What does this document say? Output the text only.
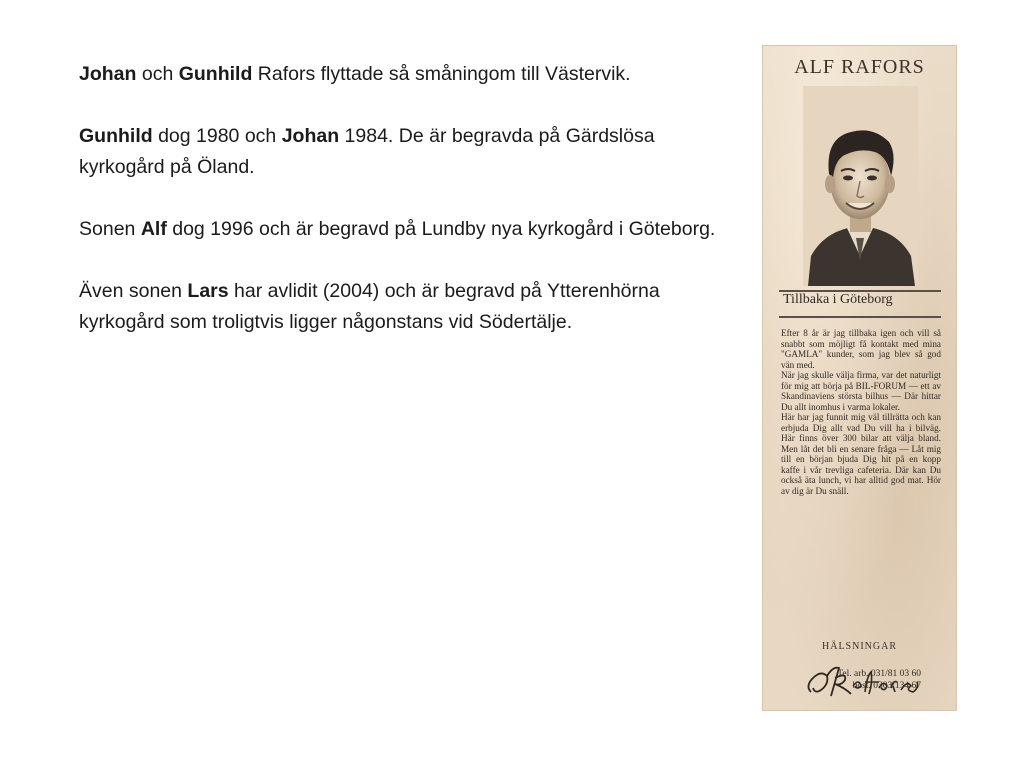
Johan och Gunhild Rafors flyttade så småningom till Västervik.

Gunhild dog 1980 och Johan 1984. De är begravda på Gärdslösa kyrkogård på Öland.

Sonen Alf dog 1996 och är begravd på Lundby nya kyrkogård i Göteborg.

Även sonen Lars har avlidit (2004) och är begravd på Ytterenhörna kyrkogård som troligtvis ligger någonstans vid Södertälje.

ALF RAFORS
Tillbaka i Göteborg
Efter 8 år är jag tillbaka igen och vill så snabbt som möjligt få kontakt med mina "GAMLA" kunder, som jag blev så god vän med.
När jag skulle välja firma, var det naturligt för mig att börja på BIL-FORUM — ett av Skandinaviens största bilhus — Där hittar Du allt inomhus i varma lokaler.
Här har jag funnit mig väl tillrätta och kan erbjuda Dig allt vad Du vill ha i bilväg. Här finns över 300 bilar att välja bland. Men låt det bli en senare fråga — Låt mig till en början bjuda Dig hit på en kopp kaffe i vår trevliga cafeteria. Där kan Du också äta lunch, vi har alltid god mat. Hör av dig är Du snäll.
HÄLSNINGAR
Tel. arb. 031/81 03 60
bost. 0303/134 67
